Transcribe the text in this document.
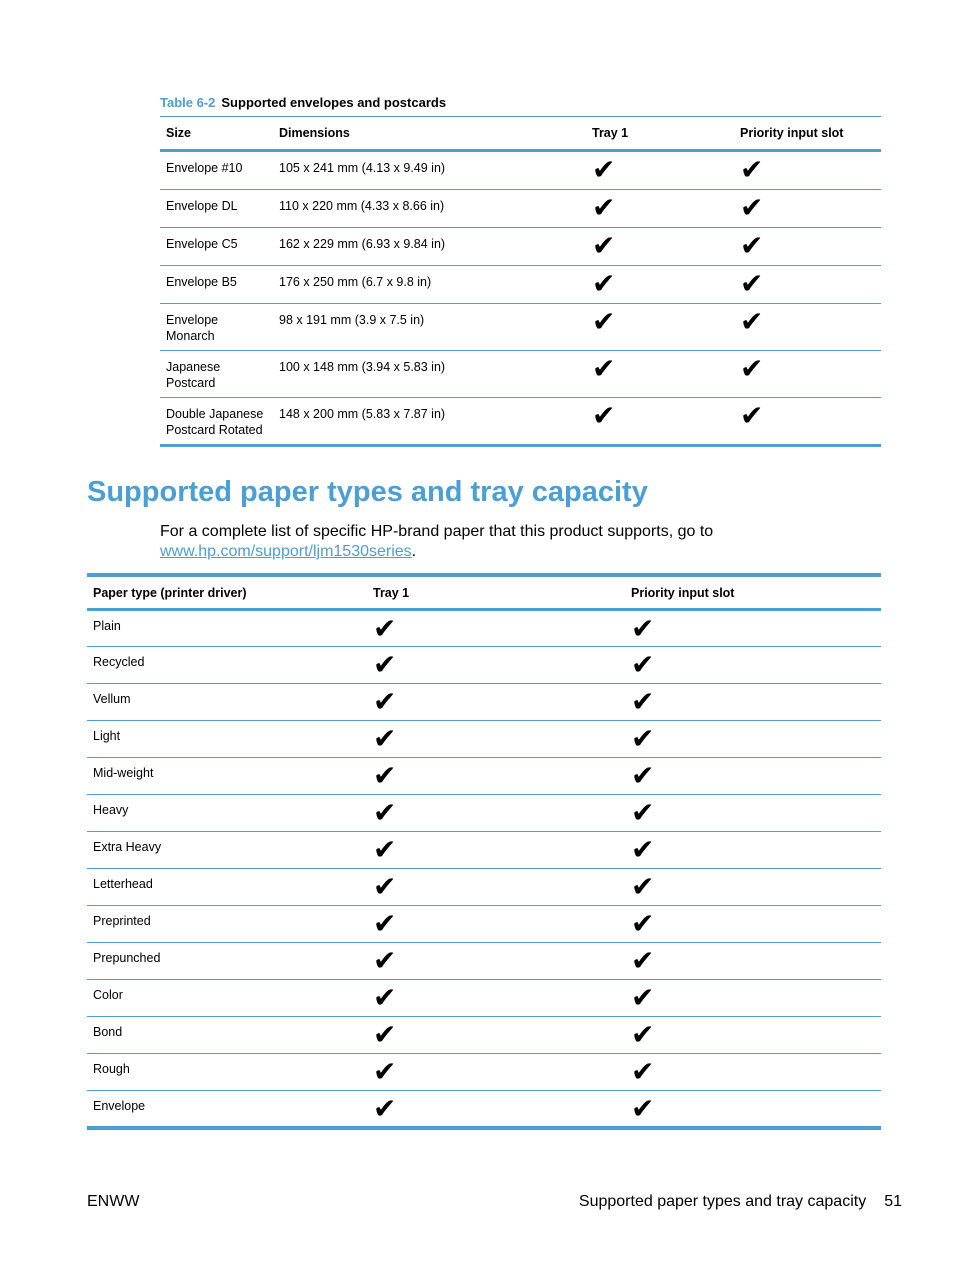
Table 6-2 Supported envelopes and postcards
Size	Dimensions	Tray 1	Priority input slot
Envelope #10	105 x 241 mm (4.13 x 9.49 in)	✔	✔
Envelope DL	110 x 220 mm (4.33 x 8.66 in)	✔	✔
Envelope C5	162 x 229 mm (6.93 x 9.84 in)	✔	✔
Envelope B5	176 x 250 mm (6.7 x 9.8 in)	✔	✔
Envelope Monarch	98 x 191 mm (3.9 x 7.5 in)	✔	✔
Japanese Postcard	100 x 148 mm (3.94 x 5.83 in)	✔	✔
Double Japanese Postcard Rotated	148 x 200 mm (5.83 x 7.87 in)	✔	✔
Supported paper types and tray capacity

For a complete list of specific HP-brand paper that this product supports, go to www.hp.com/support/ljm1530series.

Paper type (printer driver)	Tray 1	Priority input slot
Plain	✔	✔
Recycled	✔	✔
Vellum	✔	✔
Light	✔	✔
Mid-weight	✔	✔
Heavy	✔	✔
Extra Heavy	✔	✔
Letterhead	✔	✔
Preprinted	✔	✔
Prepunched	✔	✔
Color	✔	✔
Bond	✔	✔
Rough	✔	✔
Envelope	✔	✔
ENWW	Supported paper types and tray capacity 51
